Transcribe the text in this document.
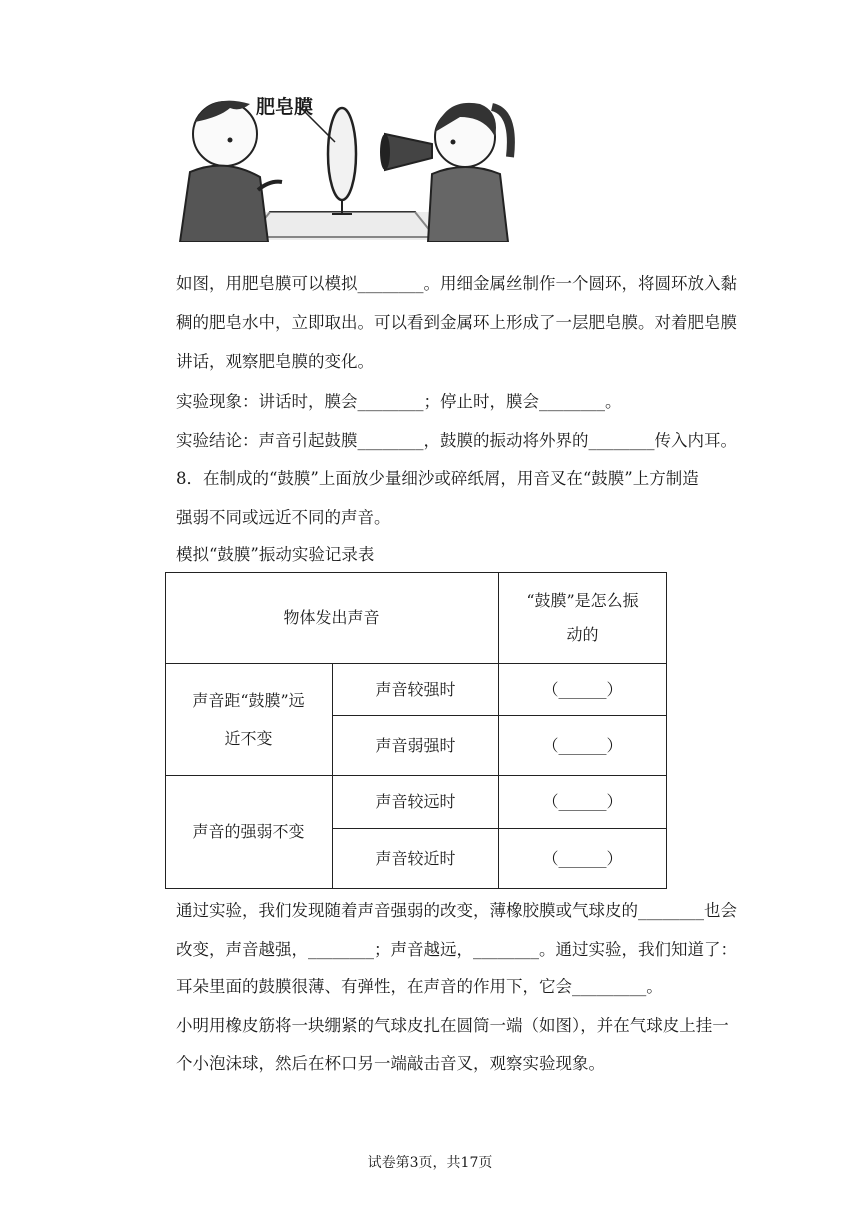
肥皂膜
如图，用肥皂膜可以模拟________。用细金属丝制作一个圆环，将圆环放入黏
稠的肥皂水中，立即取出。可以看到金属环上形成了一层肥皂膜。对着肥皂膜
讲话，观察肥皂膜的变化。
实验现象：讲话时，膜会________；停止时，膜会________。
实验结论：声音引起鼓膜________，鼓膜的振动将外界的________传入内耳。
8．在制成的“鼓膜”上面放少量细沙或碎纸屑，用音叉在“鼓膜”上方制造
强弱不同或远近不同的声音。
模拟“鼓膜”振动实验记录表
物体发出声音
“鼓膜”是怎么振
动的
声音距“鼓膜”远
近不变
声音较强时	（______）
声音弱强时	（______）
声音的强弱不变
声音较远时	（______）
声音较近时	（______）
通过实验，我们发现随着声音强弱的改变，薄橡胶膜或气球皮的________也会
改变，声音越强，________；声音越远，________。通过实验，我们知道了：
耳朵里面的鼓膜很薄、有弹性，在声音的作用下，它会_________。
小明用橡皮筋将一块绷紧的气球皮扎在圆筒一端（如图），并在气球皮上挂一
个小泡沫球，然后在杯口另一端敲击音叉，观察实验现象。
试卷第3页，共17页
